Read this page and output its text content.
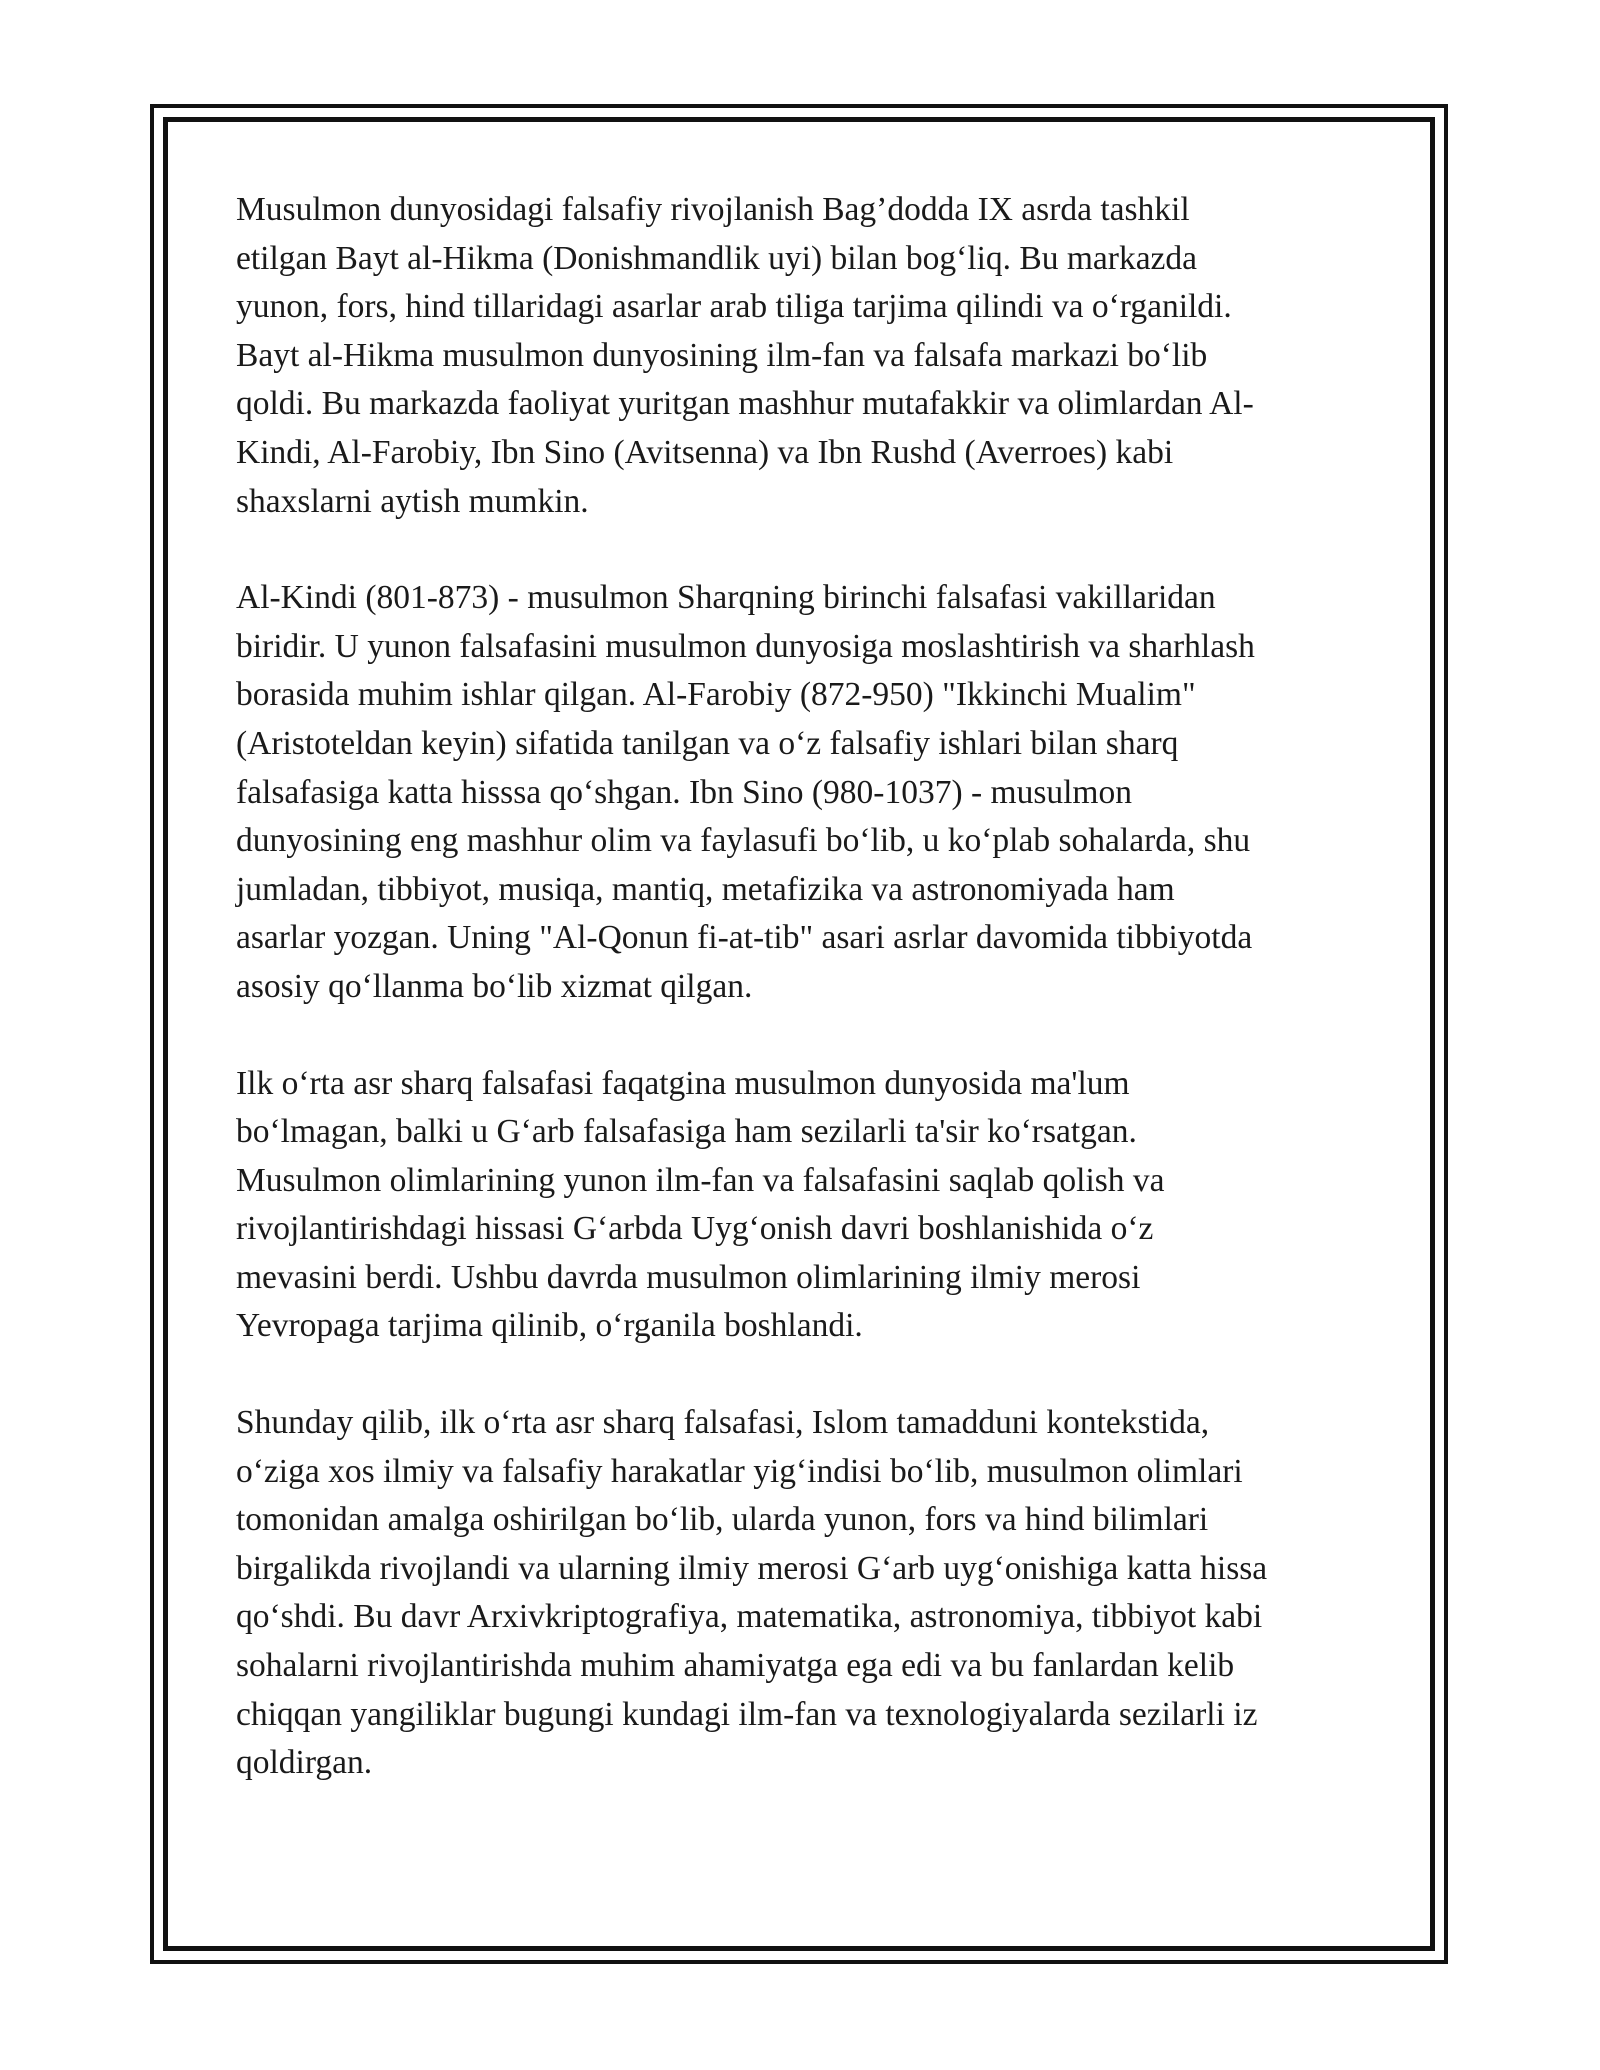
Musulmon dunyosidagi falsafiy rivojlanish Bag’dodda IX asrda tashkil
etilgan Bayt al-Hikma (Donishmandlik uyi) bilan bog‘liq. Bu markazda
yunon, fors, hind tillaridagi asarlar arab tiliga tarjima qilindi va o‘rganildi.
Bayt al-Hikma musulmon dunyosining ilm-fan va falsafa markazi bo‘lib
qoldi. Bu markazda faoliyat yuritgan mashhur mutafakkir va olimlardan Al-
Kindi, Al-Farobiy, Ibn Sino (Avitsenna) va Ibn Rushd (Averroes) kabi
shaxslarni aytish mumkin.

Al-Kindi (801-873) - musulmon Sharqning birinchi falsafasi vakillaridan
biridir. U yunon falsafasini musulmon dunyosiga moslashtirish va sharhlash
borasida muhim ishlar qilgan. Al-Farobiy (872-950) "Ikkinchi Mualim"
(Aristoteldan keyin) sifatida tanilgan va o‘z falsafiy ishlari bilan sharq
falsafasiga katta hisssa qo‘shgan. Ibn Sino (980-1037) - musulmon
dunyosining eng mashhur olim va faylasufi bo‘lib, u ko‘plab sohalarda, shu
jumladan, tibbiyot, musiqa, mantiq, metafizika va astronomiyada ham
asarlar yozgan. Uning "Al-Qonun fi-at-tib" asari asrlar davomida tibbiyotda
asosiy qo‘llanma bo‘lib xizmat qilgan.

Ilk o‘rta asr sharq falsafasi faqatgina musulmon dunyosida ma'lum
bo‘lmagan, balki u G‘arb falsafasiga ham sezilarli ta'sir ko‘rsatgan.
Musulmon olimlarining yunon ilm-fan va falsafasini saqlab qolish va
rivojlantirishdagi hissasi G‘arbda Uyg‘onish davri boshlanishida o‘z
mevasini berdi. Ushbu davrda musulmon olimlarining ilmiy merosi
Yevropaga tarjima qilinib, o‘rganila boshlandi.

Shunday qilib, ilk o‘rta asr sharq falsafasi, Islom tamadduni kontekstida,
o‘ziga xos ilmiy va falsafiy harakatlar yig‘indisi bo‘lib, musulmon olimlari
tomonidan amalga oshirilgan bo‘lib, ularda yunon, fors va hind bilimlari
birgalikda rivojlandi va ularning ilmiy merosi G‘arb uyg‘onishiga katta hissa
qo‘shdi. Bu davr Arxivkriptografiya, matematika, astronomiya, tibbiyot kabi
sohalarni rivojlantirishda muhim ahamiyatga ega edi va bu fanlardan kelib
chiqqan yangiliklar bugungi kundagi ilm-fan va texnologiyalarda sezilarli iz
qoldirgan.
